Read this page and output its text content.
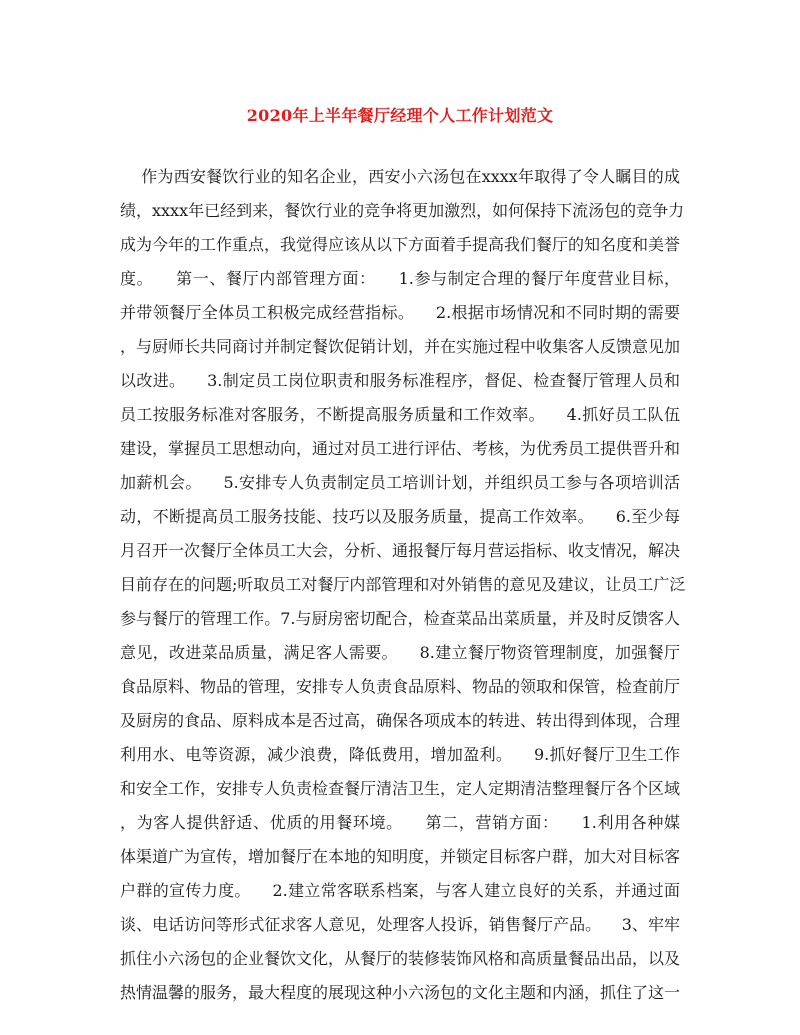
2020年上半年餐厅经理个人工作计划范文
作为西安餐饮行业的知名企业，西安小六汤包在xxxx年取得了令人瞩目的成
绩，xxxx年已经到来，餐饮行业的竞争将更加激烈，如何保持下流汤包的竞争力
成为今年的工作重点，我觉得应该从以下方面着手提高我们餐厅的知名度和美誉
度。    第一、餐厅内部管理方面：    1.参与制定合理的餐厅年度营业目标，
并带领餐厅全体员工积极完成经营指标。    2.根据市场情况和不同时期的需要
，与厨师长共同商讨并制定餐饮促销计划，并在实施过程中收集客人反馈意见加
以改进。    3.制定员工岗位职责和服务标准程序，督促、检查餐厅管理人员和
员工按服务标准对客服务，不断提高服务质量和工作效率。    4.抓好员工队伍
建设，掌握员工思想动向，通过对员工进行评估、考核，为优秀员工提供晋升和
加薪机会。    5.安排专人负责制定员工培训计划，并组织员工参与各项培训活
动，不断提高员工服务技能、技巧以及服务质量，提高工作效率。    6.至少每
月召开一次餐厅全体员工大会，分析、通报餐厅每月营运指标、收支情况，解决
目前存在的问题;听取员工对餐厅内部管理和对外销售的意见及建议，让员工广泛
参与餐厅的管理工作。7.与厨房密切配合，检查菜品出菜质量，并及时反馈客人
意见，改进菜品质量，满足客人需要。    8.建立餐厅物资管理制度，加强餐厅
食品原料、物品的管理，安排专人负责食品原料、物品的领取和保管，检查前厅
及厨房的食品、原料成本是否过高，确保各项成本的转进、转出得到体现，合理
利用水、电等资源，减少浪费，降低费用，增加盈利。    9.抓好餐厅卫生工作
和安全工作，安排专人负责检查餐厅清洁卫生，定人定期清洁整理餐厅各个区域
，为客人提供舒适、优质的用餐环境。    第二，营销方面：    1.利用各种媒
体渠道广为宣传，增加餐厅在本地的知明度，并锁定目标客户群，加大对目标客
户群的宣传力度。    2.建立常客联系档案，与客人建立良好的关系，并通过面
谈、电话访问等形式征求客人意见，处理客人投诉，销售餐厅产品。    3、牢牢
抓住小六汤包的企业餐饮文化，从餐厅的装修装饰风格和高质量餐品出品，以及
热情温馨的服务，最大程度的展现这种小六汤包的文化主题和内涵，抓住了这一
